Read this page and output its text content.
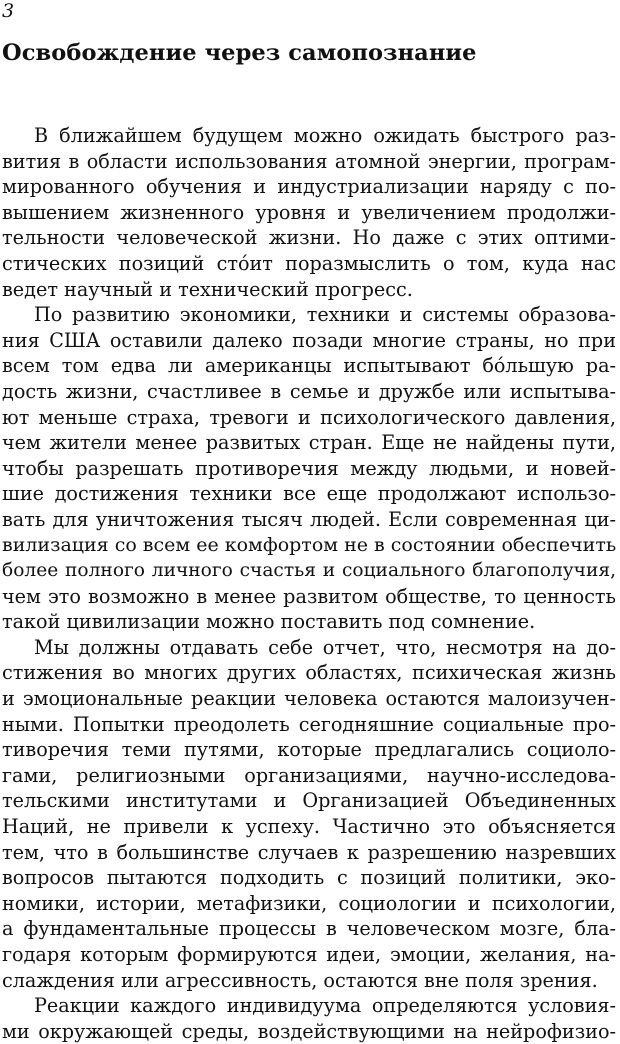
3
Освобождение через самопознание
В ближайшем будущем можно ожидать быстрого раз-
вития в области использования атомной энергии, програм-
мированного обучения и индустриализации наряду с по-
вышением жизненного уровня и увеличением продолжи-
тельности человеческой жизни. Но даже с этих оптими-
стических позиций сто́ит поразмыслить о том, куда нас
ведет научный и технический прогресс.
По развитию экономики, техники и системы образова-
ния США оставили далеко позади многие страны, но при
всем том едва ли американцы испытывают бо́льшую ра-
дость жизни, счастливее в семье и дружбе или испытыва-
ют меньше страха, тревоги и психологического давления,
чем жители менее развитых стран. Еще не найдены пути,
чтобы разрешать противоречия между людьми, и новей-
шие достижения техники все еще продолжают использо-
вать для уничтожения тысяч людей. Если современная ци-
вилизация со всем ее комфортом не в состоянии обеспечить
более полного личного счастья и социального благополучия,
чем это возможно в менее развитом обществе, то ценность
такой цивилизации можно поставить под сомнение.
Мы должны отдавать себе отчет, что, несмотря на до-
стижения во многих других областях, психическая жизнь
и эмоциональные реакции человека остаются малоизучен-
ными. Попытки преодолеть сегодняшние социальные про-
тиворечия теми путями, которые предлагались социоло-
гами, религиозными организациями, научно-исследова-
тельскими институтами и Организацией Объединенных
Наций, не привели к успеху. Частично это объясняется
тем, что в большинстве случаев к разрешению назревших
вопросов пытаются подходить с позиций политики, эко-
номики, истории, метафизики, социологии и психологии,
а фундаментальные процессы в человеческом мозге, бла-
годаря которым формируются идеи, эмоции, желания, на-
слаждения или агрессивность, остаются вне поля зрения.
Реакции каждого индивидуума определяются условия-
ми окружающей среды, воздействующими на нейрофизио-
